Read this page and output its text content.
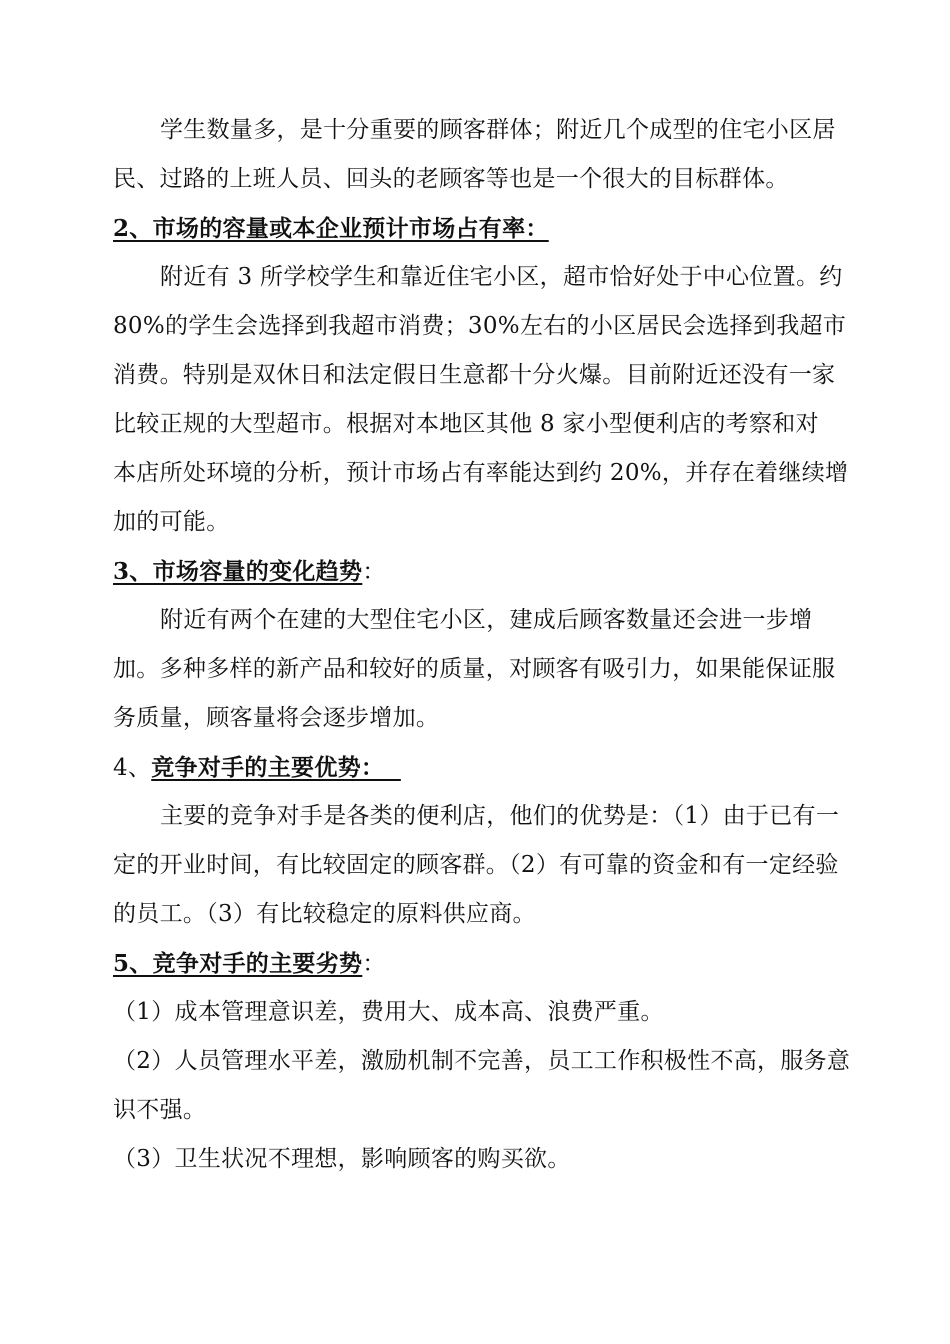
学生数量多，是十分重要的顾客群体；附近几个成型的住宅小区居
民、过路的上班人员、回头的老顾客等也是一个很大的目标群体。
2、市场的容量或本企业预计市场占有率：
附近有 3 所学校学生和靠近住宅小区，超市恰好处于中心位置。约
80%的学生会选择到我超市消费；30%左右的小区居民会选择到我超市
消费。特别是双休日和法定假日生意都十分火爆。目前附近还没有一家
比较正规的大型超市。根据对本地区其他 8 家小型便利店的考察和对
本店所处环境的分析，预计市场占有率能达到约 20%，并存在着继续增
加的可能。
3、市场容量的变化趋势：
附近有两个在建的大型住宅小区，建成后顾客数量还会进一步增
加。多种多样的新产品和较好的质量，对顾客有吸引力，如果能保证服
务质量，顾客量将会逐步增加。
4、竞争对手的主要优势：
主要的竞争对手是各类的便利店，他们的优势是：（1）由于已有一
定的开业时间，有比较固定的顾客群。（2）有可靠的资金和有一定经验
的员工。（3）有比较稳定的原料供应商。
5、竞争对手的主要劣势：
（1）成本管理意识差，费用大、成本高、浪费严重。
（2）人员管理水平差，激励机制不完善，员工工作积极性不高，服务意
识不强。
（3）卫生状况不理想，影响顾客的购买欲。
